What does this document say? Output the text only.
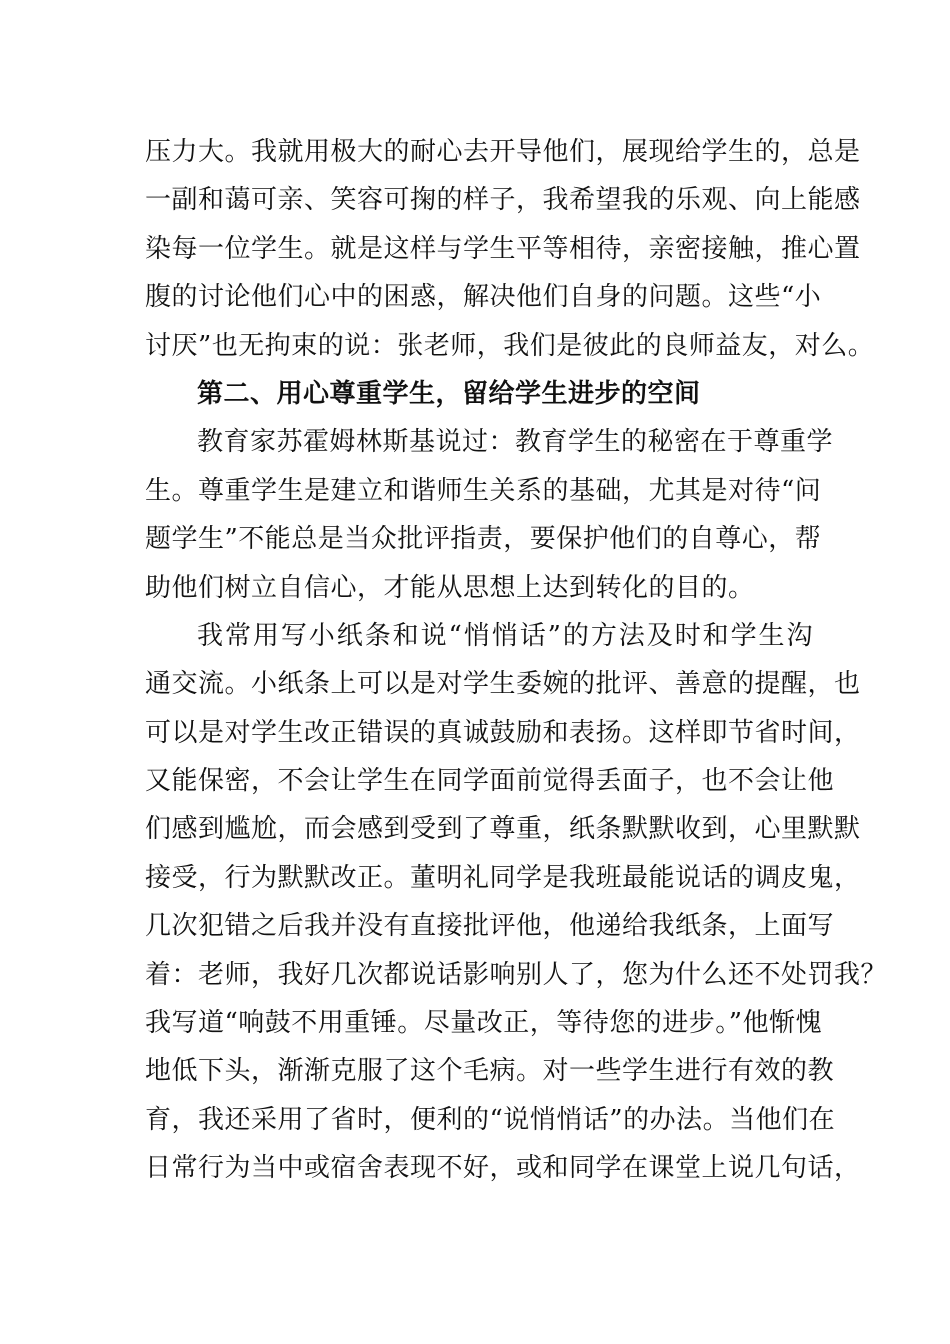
压力大。我就用极大的耐心去开导他们，展现给学生的，总是
一副和蔼可亲、笑容可掬的样子，我希望我的乐观、向上能感
染每一位学生。就是这样与学生平等相待，亲密接触，推心置
腹的讨论他们心中的困惑，解决他们自身的问题。这些“小
讨厌”也无拘束的说：张老师，我们是彼此的良师益友，对么。
第二、用心尊重学生，留给学生进步的空间
教育家苏霍姆林斯基说过：教育学生的秘密在于尊重学
生。尊重学生是建立和谐师生关系的基础，尤其是对待“问
题学生”不能总是当众批评指责，要保护他们的自尊心，帮
助他们树立自信心，才能从思想上达到转化的目的。
我常用写小纸条和说“悄悄话”的方法及时和学生沟
通交流。小纸条上可以是对学生委婉的批评、善意的提醒，也
可以是对学生改正错误的真诚鼓励和表扬。这样即节省时间，
又能保密，不会让学生在同学面前觉得丢面子，也不会让他
们感到尴尬，而会感到受到了尊重，纸条默默收到，心里默默
接受，行为默默改正。董明礼同学是我班最能说话的调皮鬼，
几次犯错之后我并没有直接批评他，他递给我纸条，上面写
着：老师，我好几次都说话影响别人了，您为什么还不处罚我？
我写道“响鼓不用重锤。尽量改正，等待您的进步。”他惭愧
地低下头，渐渐克服了这个毛病。对一些学生进行有效的教
育，我还采用了省时，便利的“说悄悄话”的办法。当他们在
日常行为当中或宿舍表现不好，或和同学在课堂上说几句话，
